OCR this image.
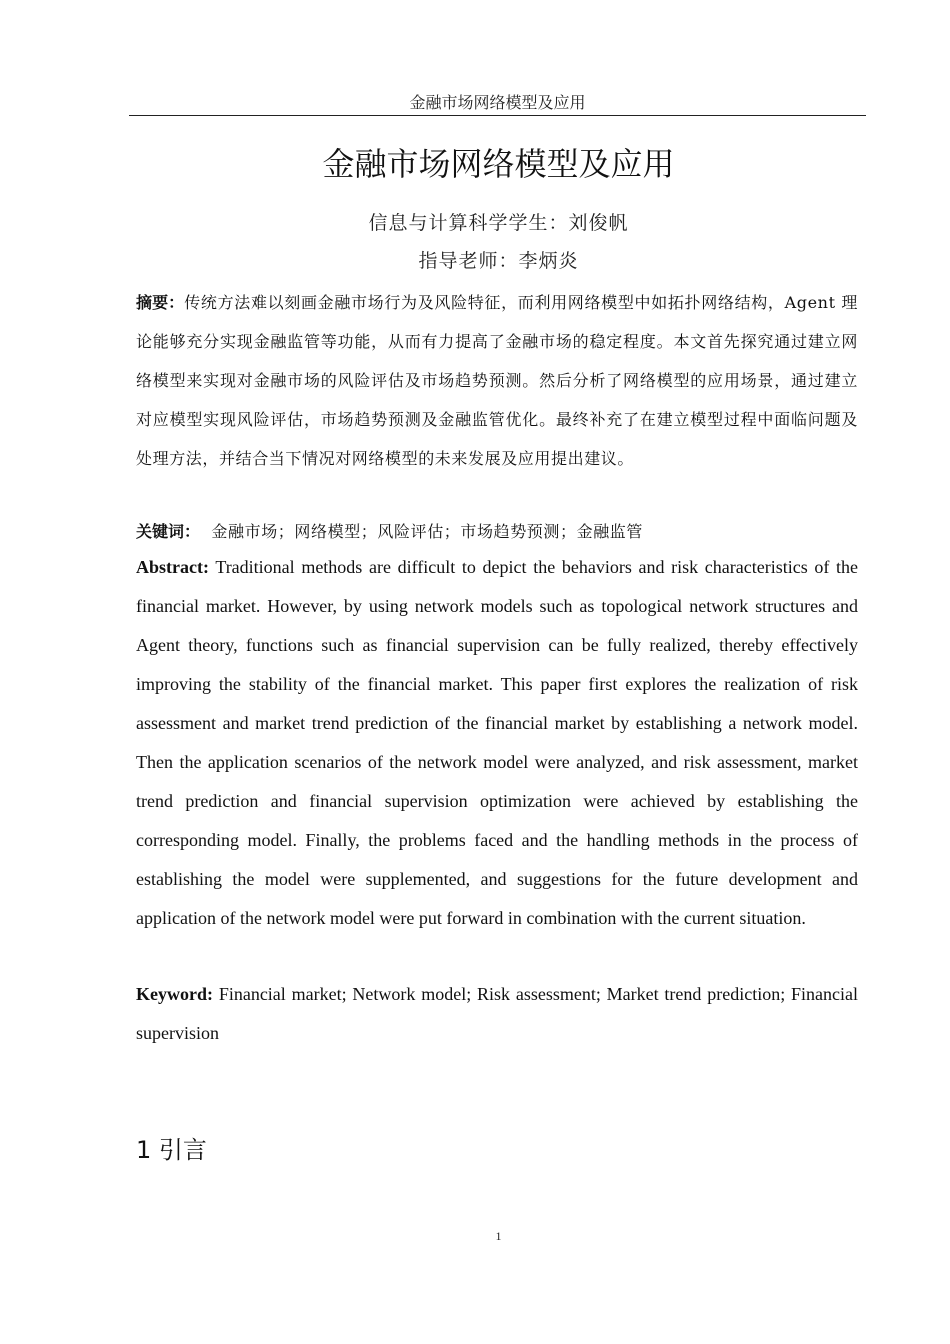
金融市场网络模型及应用
金融市场网络模型及应用
信息与计算科学学生：刘俊帆
指导老师：李炳炎

摘要：传统方法难以刻画金融市场行为及风险特征，而利用网络模型中如拓扑网络结构，Agent 理论能够充分实现金融监管等功能，从而有力提高了金融市场的稳定程度。本文首先探究通过建立网络模型来实现对金融市场的风险评估及市场趋势预测。然后分析了网络模型的应用场景，通过建立对应模型实现风险评估，市场趋势预测及金融监管优化。最终补充了在建立模型过程中面临问题及处理方法，并结合当下情况对网络模型的未来发展及应用提出建议。

关键词： 金融市场；网络模型；风险评估；市场趋势预测；金融监管

Abstract: Traditional methods are difficult to depict the behaviors and risk characteristics of the financial market. However, by using network models such as topological network structures and Agent theory, functions such as financial supervision can be fully realized, thereby effectively improving the stability of the financial market. This paper first explores the realization of risk assessment and market trend prediction of the financial market by establishing a network model. Then the application scenarios of the network model were analyzed, and risk assessment, market trend prediction and financial supervision optimization were achieved by establishing the corresponding model. Finally, the problems faced and the handling methods in the process of establishing the model were supplemented, and suggestions for the future development and application of the network model were put forward in combination with the current situation.

Keyword: Financial market; Network model; Risk assessment; Market trend prediction; Financial supervision

1 引言
1
